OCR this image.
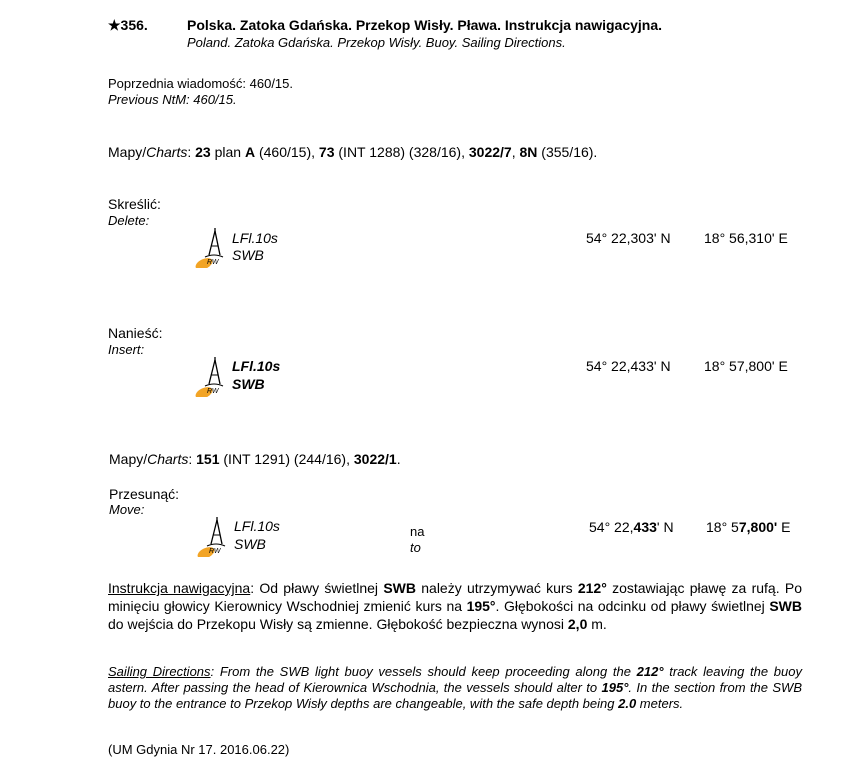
★356.	Polska. Zatoka Gdańska. Przekop Wisły. Pława. Instrukcja nawigacyjna.
Poland. Zatoka Gdańska. Przekop Wisły. Buoy. Sailing Directions.
Poprzednia wiadomość: 460/15.
Previous NtM: 460/15.
Mapy/Charts: 23 plan A (460/15), 73 (INT 1288) (328/16), 3022/7, 8N (355/16).
Skreślić:
Delete:
RW
LFl.10s
SWB
54° 22,303' N 18° 56,310' E
Nanieść:
Insert:
RW
LFl.10s
SWB
54° 22,433' N 18° 57,800' E
Mapy/Charts: 151 (INT 1291) (244/16), 3022/1.
Przesunąć:
Move:
RW
LFl.10s
SWB
na
to
54° 22,433' N 18° 57,800' E
Instrukcja nawigacyjna: Od pławy świetlnej SWB należy utrzymywać kurs 212° zostawiając pławę za rufą. Po minięciu głowicy Kierownicy Wschodniej zmienić kurs na 195°. Głębokości na odcinku od pławy świetlnej SWB do wejścia do Przekopu Wisły są zmienne. Głębokość bezpieczna wynosi 2,0 m.
Sailing Directions: From the SWB light buoy vessels should keep proceeding along the 212° track leaving the buoy astern. After passing the head of Kierownica Wschodnia, the vessels should alter to 195°. In the section from the SWB buoy to the entrance to Przekop Wisły depths are changeable, with the safe depth being 2.0 meters.
(UM Gdynia Nr 17. 2016.06.22)
